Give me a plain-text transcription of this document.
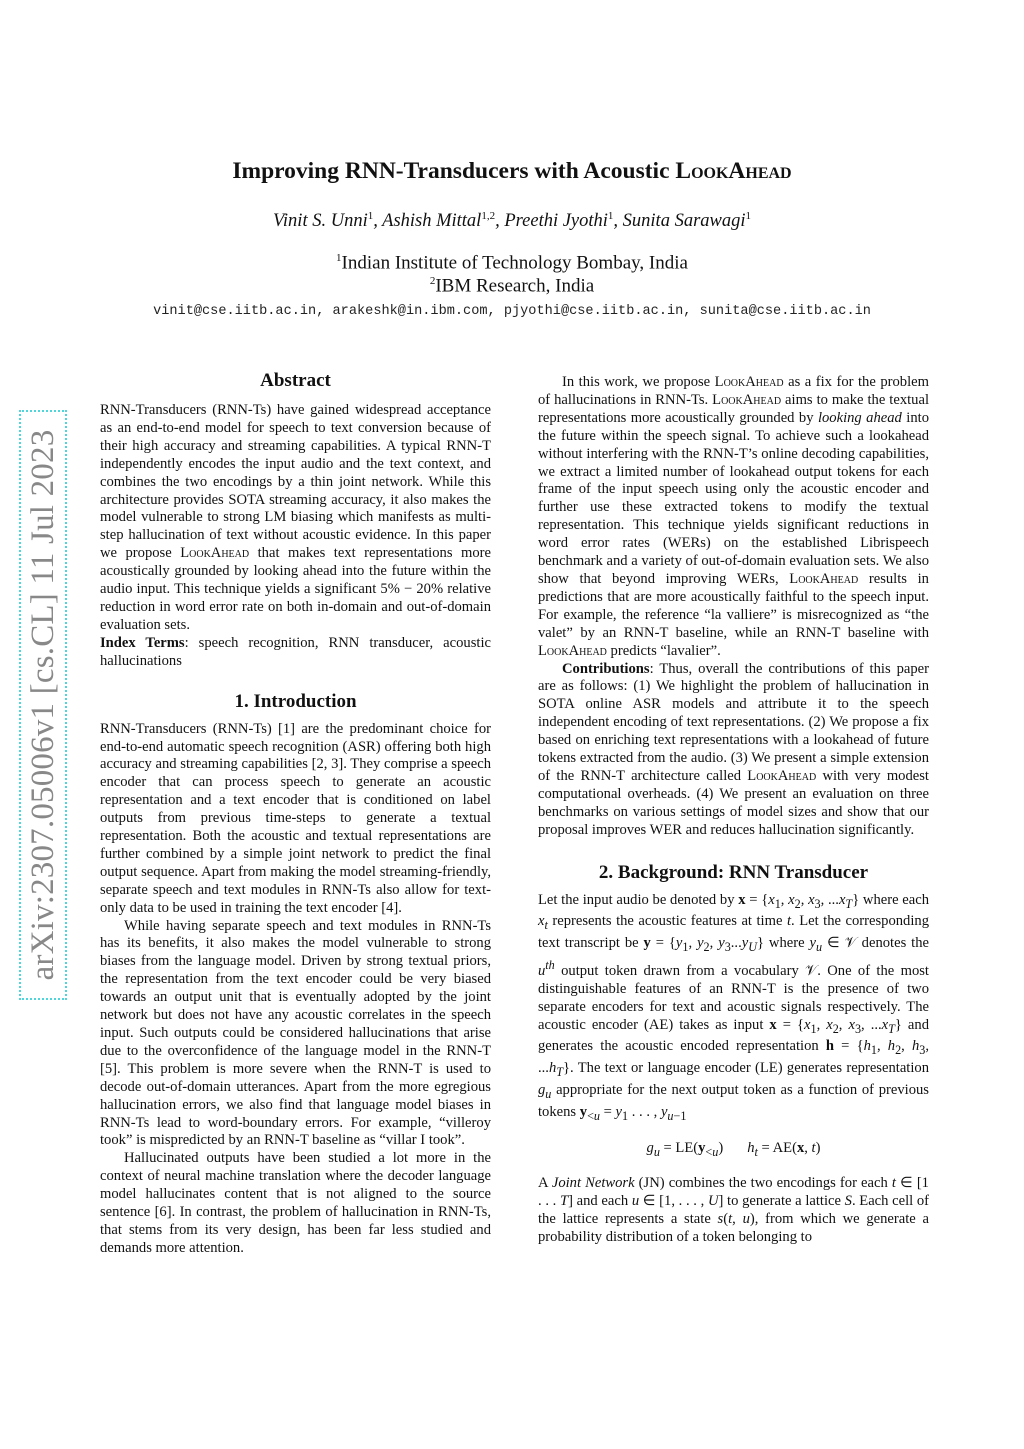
arXiv:2307.05006v1 [cs.CL] 11 Jul 2023
Improving RNN-Transducers with Acoustic LookAhead
Vinit S. Unni$^1$, Ashish Mittal$^{1,2}$, Preethi Jyothi$^1$, Sunita Sarawagi$^1$
$^1$Indian Institute of Technology Bombay, India
$^2$IBM Research, India
vinit@cse.iitb.ac.in, arakeshk@in.ibm.com, pjyothi@cse.iitb.ac.in, sunita@cse.iitb.ac.in
Abstract

RNN-Transducers (RNN-Ts) have gained widespread acceptance as an end-to-end model for speech to text conversion because of their high accuracy and streaming capabilities. A typical RNN-T independently encodes the input audio and the text context, and combines the two encodings by a thin joint network. While this architecture provides SOTA streaming accuracy, it also makes the model vulnerable to strong LM biasing which manifests as multi-step hallucination of text without acoustic evidence. In this paper we propose LookAhead that makes text representations more acoustically grounded by looking ahead into the future within the audio input. This technique yields a significant 5% − 20% relative reduction in word error rate on both in-domain and out-of-domain evaluation sets.

Index Terms: speech recognition, RNN transducer, acoustic hallucinations

1. Introduction

RNN-Transducers (RNN-Ts) [1] are the predominant choice for end-to-end automatic speech recognition (ASR) offering both high accuracy and streaming capabilities [2, 3]. They comprise a speech encoder that can process speech to generate an acoustic representation and a text encoder that is conditioned on label outputs from previous time-steps to generate a textual representation. Both the acoustic and textual representations are further combined by a simple joint network to predict the final output sequence. Apart from making the model streaming-friendly, separate speech and text modules in RNN-Ts also allow for text-only data to be used in training the text encoder [4].

While having separate speech and text modules in RNN-Ts has its benefits, it also makes the model vulnerable to strong biases from the language model. Driven by strong textual priors, the representation from the text encoder could be very biased towards an output unit that is eventually adopted by the joint network but does not have any acoustic correlates in the speech input. Such outputs could be considered hallucinations that arise due to the overconfidence of the language model in the RNN-T [5]. This problem is more severe when the RNN-T is used to decode out-of-domain utterances. Apart from the more egregious hallucination errors, we also find that language model biases in RNN-Ts lead to word-boundary errors. For example, “villeroy took” is mispredicted by an RNN-T baseline as “villar I took”.

Hallucinated outputs have been studied a lot more in the context of neural machine translation where the decoder language model hallucinates content that is not aligned to the source sentence [6]. In contrast, the problem of hallucination in RNN-Ts, that stems from its very design, has been far less studied and demands more attention.

In this work, we propose LookAhead as a fix for the problem of hallucinations in RNN-Ts. LookAhead aims to make the textual representations more acoustically grounded by looking ahead into the future within the speech signal. To achieve such a lookahead without interfering with the RNN-T’s online decoding capabilities, we extract a limited number of lookahead output tokens for each frame of the input speech using only the acoustic encoder and further use these extracted tokens to modify the textual representation. This technique yields significant reductions in word error rates (WERs) on the established Librispeech benchmark and a variety of out-of-domain evaluation sets. We also show that beyond improving WERs, LookAhead results in predictions that are more acoustically faithful to the speech input. For example, the reference “la valliere” is misrecognized as “the valet” by an RNN-T baseline, while an RNN-T baseline with LookAhead predicts “lavalier”.

Contributions: Thus, overall the contributions of this paper are as follows: (1) We highlight the problem of hallucination in SOTA online ASR models and attribute it to the speech independent encoding of text representations. (2) We propose a fix based on enriching text representations with a lookahead of future tokens extracted from the audio. (3) We present a simple extension of the RNN-T architecture called LookAhead with very modest computational overheads. (4) We present an evaluation on three benchmarks on various settings of model sizes and show that our proposal improves WER and reduces hallucination significantly.

2. Background: RNN Transducer

Let the input audio be denoted by $x = \{x_1$, $x_2$, $x_3$, $...x_T$} where each $x_t$ represents the acoustic features at time t. Let the corresponding text transcript be $y = \{y_1$, $y_2$, $y_3...y_U$} where $y_u$ ∈ 𝒱 denotes the $u^{th}$ output token drawn from a vocabulary 𝒱. One of the most distinguishable features of an RNN-T is the presence of two separate encoders for text and acoustic signals respectively. The acoustic encoder (AE) takes as input $x = \{x_1$, $x_2$, $x_3$, $...x_T$} and generates the acoustic encoded representation $h = \{h_1$, $h_2$, $h_3$, $...h_T$}. The text or language encoder (LE) generates representation $g_u$ appropriate for the next output token as a function of previous tokens $y_{<u} = y_1$ . . . , $y_{u-1}$

$g_u = LE(y_{<u}) h_t = AE(x$, t)

A Joint Network (JN) combines the two encodings for each t ∈ [1 . . . T] and each u ∈ [1, . . . , U] to generate a lattice S. Each cell of the lattice represents a state s(t, u), from which we generate a probability distribution of a token belonging to
